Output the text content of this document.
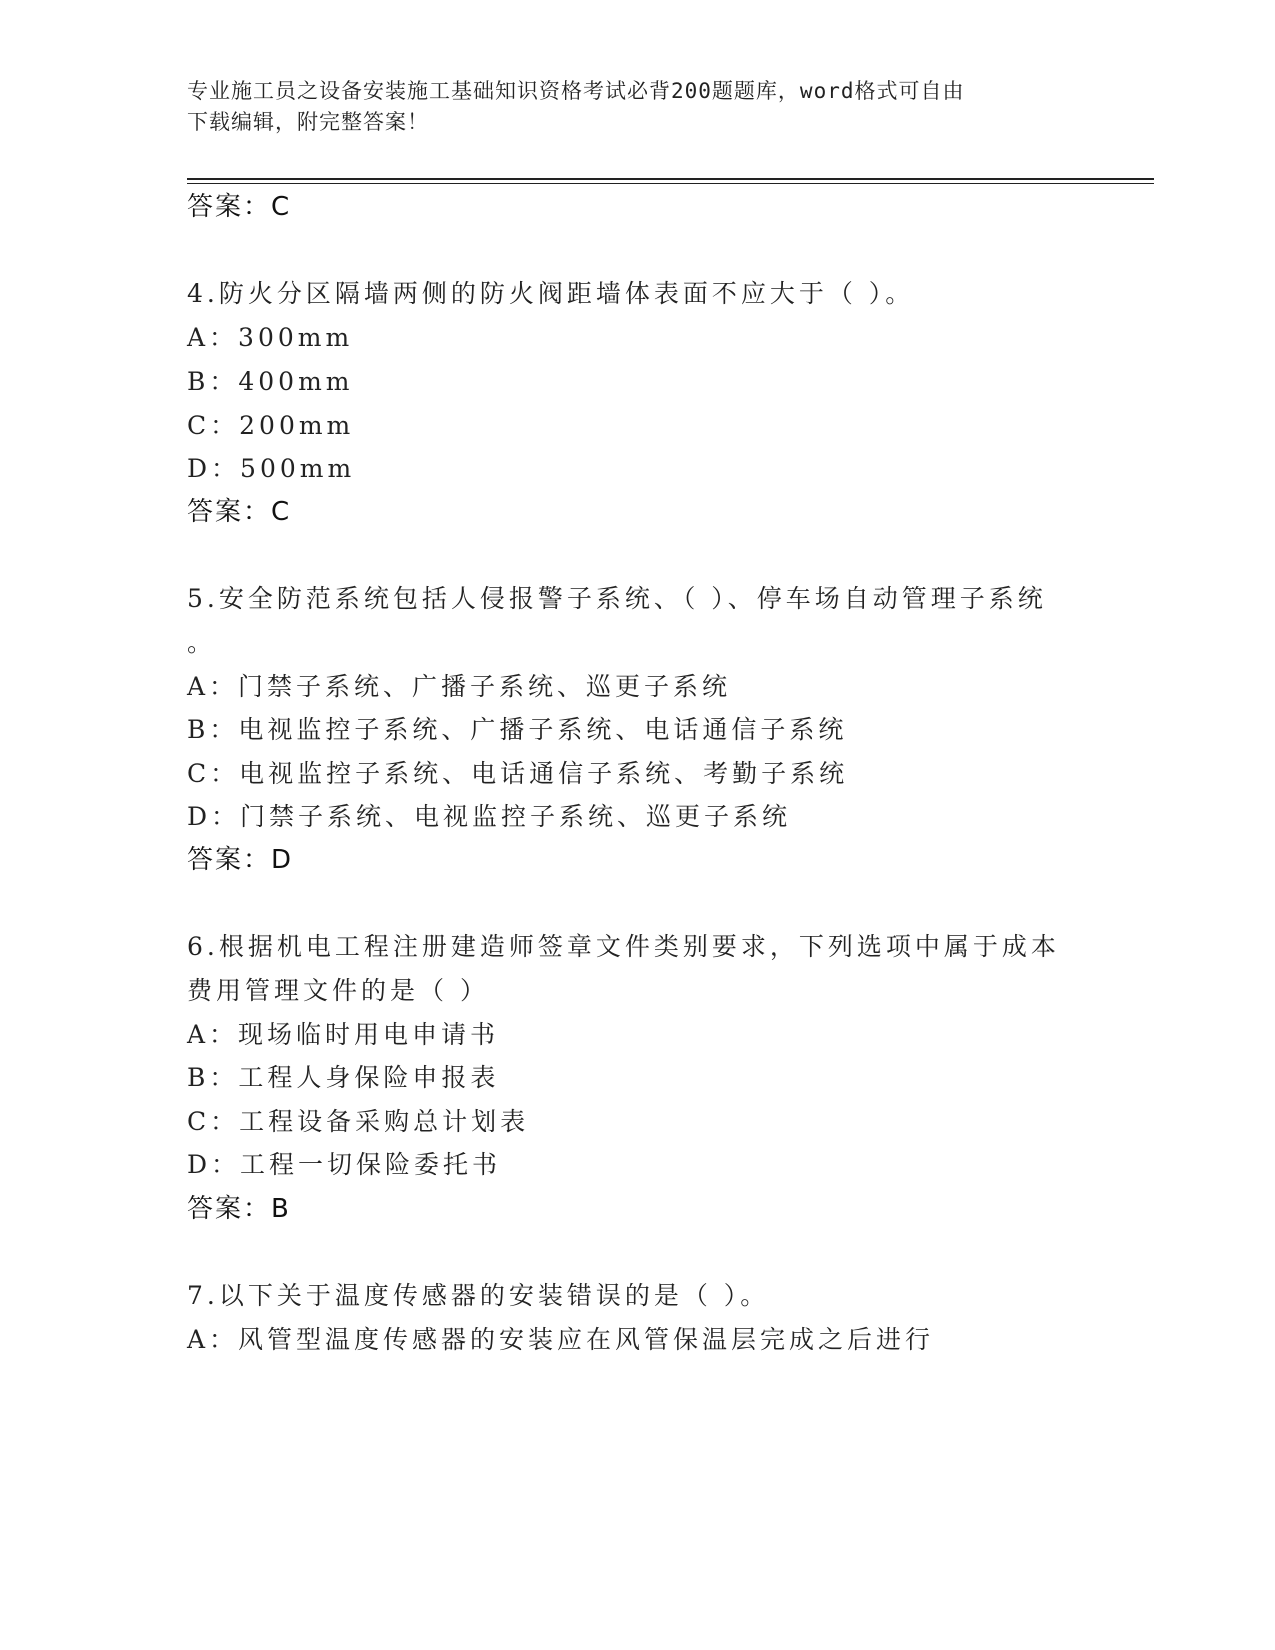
专业施工员之设备安装施工基础知识资格考试必背200题题库，word格式可自由
下载编辑，附完整答案！
答案：C
4.防火分区隔墙两侧的防火阀距墙体表面不应大于（ ）。
A：300mm
B：400mm
C：200mm
D：500mm
答案：C
5.安全防范系统包括人侵报警子系统、（ ）、停车场自动管理子系统
。
A：门禁子系统、广播子系统、巡更子系统
B：电视监控子系统、广播子系统、电话通信子系统
C：电视监控子系统、电话通信子系统、考勤子系统
D：门禁子系统、电视监控子系统、巡更子系统
答案：D
6.根据机电工程注册建造师签章文件类别要求，下列选项中属于成本
费用管理文件的是（ ）
A：现场临时用电申请书
B：工程人身保险申报表
C：工程设备采购总计划表
D：工程一切保险委托书
答案：B
7.以下关于温度传感器的安装错误的是（ ）。
A：风管型温度传感器的安装应在风管保温层完成之后进行
